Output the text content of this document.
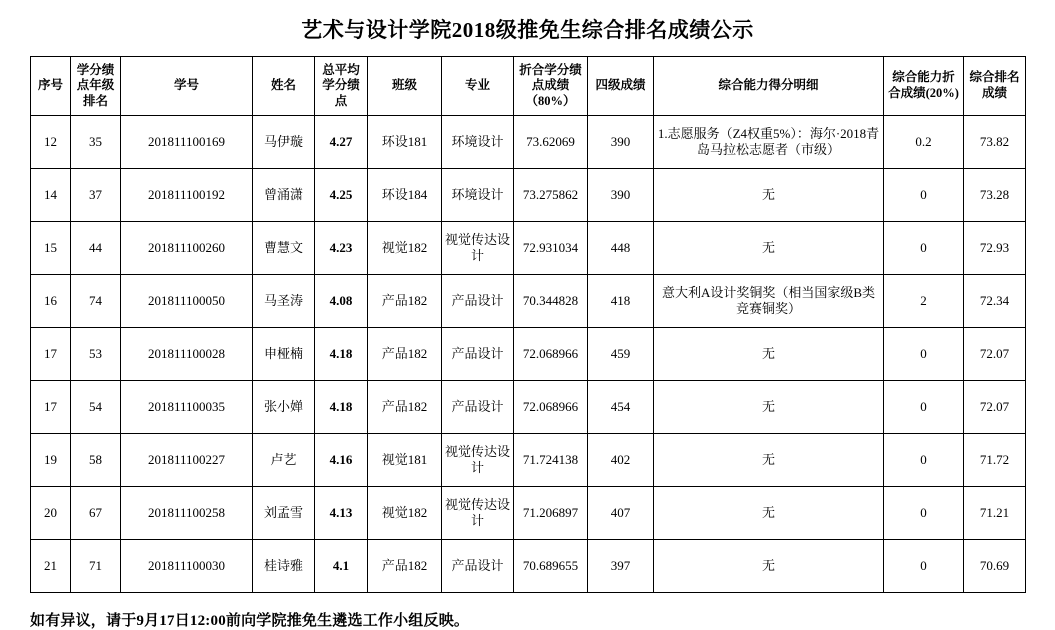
艺术与设计学院2018级推免生综合排名成绩公示
序号	学分绩点年级排名	学号	姓名	总平均学分绩点	班级	专业	折合学分绩点成绩（80%）	四级成绩	综合能力得分明细	综合能力折合成绩(20%)	综合排名成绩
12	35	201811100169	马伊璇	4.27	环设181	环境设计	73.62069	390	1.志愿服务（Z4权重5%）：海尔·2018青岛马拉松志愿者（市级）	0.2	73.82
14	37	201811100192	曾涌潇	4.25	环设184	环境设计	73.275862	390	无	0	73.28
15	44	201811100260	曹慧文	4.23	视觉182	视觉传达设计	72.931034	448	无	0	72.93
16	74	201811100050	马圣涛	4.08	产品182	产品设计	70.344828	418	意大利A设计奖铜奖（相当国家级B类竞赛铜奖）	2	72.34
17	53	201811100028	申桠楠	4.18	产品182	产品设计	72.068966	459	无	0	72.07
17	54	201811100035	张小婵	4.18	产品182	产品设计	72.068966	454	无	0	72.07
19	58	201811100227	卢艺	4.16	视觉181	视觉传达设计	71.724138	402	无	0	71.72
20	67	201811100258	刘孟雪	4.13	视觉182	视觉传达设计	71.206897	407	无	0	71.21
21	71	201811100030	桂诗雅	4.1	产品182	产品设计	70.689655	397	无	0	70.69
如有异议，请于9月17日12:00前向学院推免生遴选工作小组反映。
